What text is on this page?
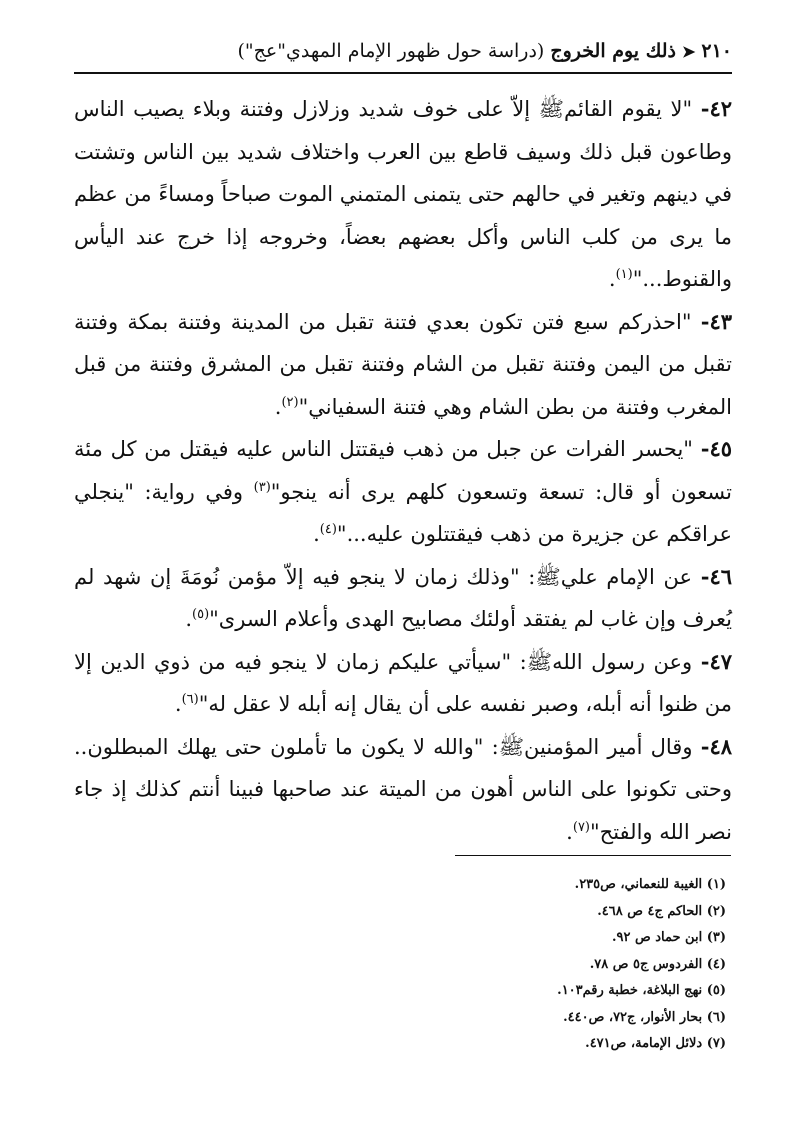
٢١٠
➤
ذلك يوم الخروج
(دراسة حول ظهور الإمام المهدي"عج")

٤٢- "لا يقوم القائمﷺ إلاّ على خوف شديد وزلازل وفتنة وبلاء يصيب الناس وطاعون قبل ذلك وسيف قاطع بين العرب واختلاف شديد بين الناس وتشتت في دينهم وتغير في حالهم حتى يتمنى المتمني الموت صباحاً ومساءً من عظم ما يرى من كلب الناس وأكل بعضهم بعضاً، وخروجه إذا خرج عند اليأس والقنوط..."$^{(١)}$.

٤٣- "احذركم سبع فتن تكون بعدي فتنة تقبل من المدينة وفتنة بمكة وفتنة تقبل من اليمن وفتنة تقبل من الشام وفتنة تقبل من المشرق وفتنة من قبل المغرب وفتنة من بطن الشام وهي فتنة السفياني"$^{(٢)}$.

٤٥- "يحسر الفرات عن جبل من ذهب فيقتتل الناس عليه فيقتل من كل مئة تسعون أو قال: تسعة وتسعون كلهم يرى أنه ينجو"$^{(٣)}$ وفي رواية: "ينجلي عراقكم عن جزيرة من ذهب فيقتتلون عليه..."$^{(٤)}$.

٤٦- عن الإمام عليﷺ: "وذلك زمان لا ينجو فيه إلاّ مؤمن نُومَةَ إن شهد لم يُعرف وإن غاب لم يفتقد أولئك مصابيح الهدى وأعلام السرى"$^{(٥)}$.

٤٧- وعن رسول اللهﷺ: "سيأتي عليكم زمان لا ينجو فيه من ذوي الدين إلا من ظنوا أنه أبله، وصبر نفسه على أن يقال إنه أبله لا عقل له"$^{(٦)}$.

٤٨- وقال أمير المؤمنينﷺ: "والله لا يكون ما تأملون حتى يهلك المبطلون.. وحتى تكونوا على الناس أهون من الميتة عند صاحبها فبينا أنتم كذلك إذ جاء نصر الله والفتح"$^{(٧)}$.

(١) الغيبة للنعماني، ص٢٣٥.
(٢) الحاكم ج٤ ص ٤٦٨.
(٣) ابن حماد ص ٩٢.
(٤) الفردوس ج٥ ص ٧٨.
(٥) نهج البلاغة، خطبة رقم١٠٣.
(٦) بحار الأنوار، ج٧٢، ص٤٤٠.
(٧) دلائل الإمامة، ص٤٧١.
